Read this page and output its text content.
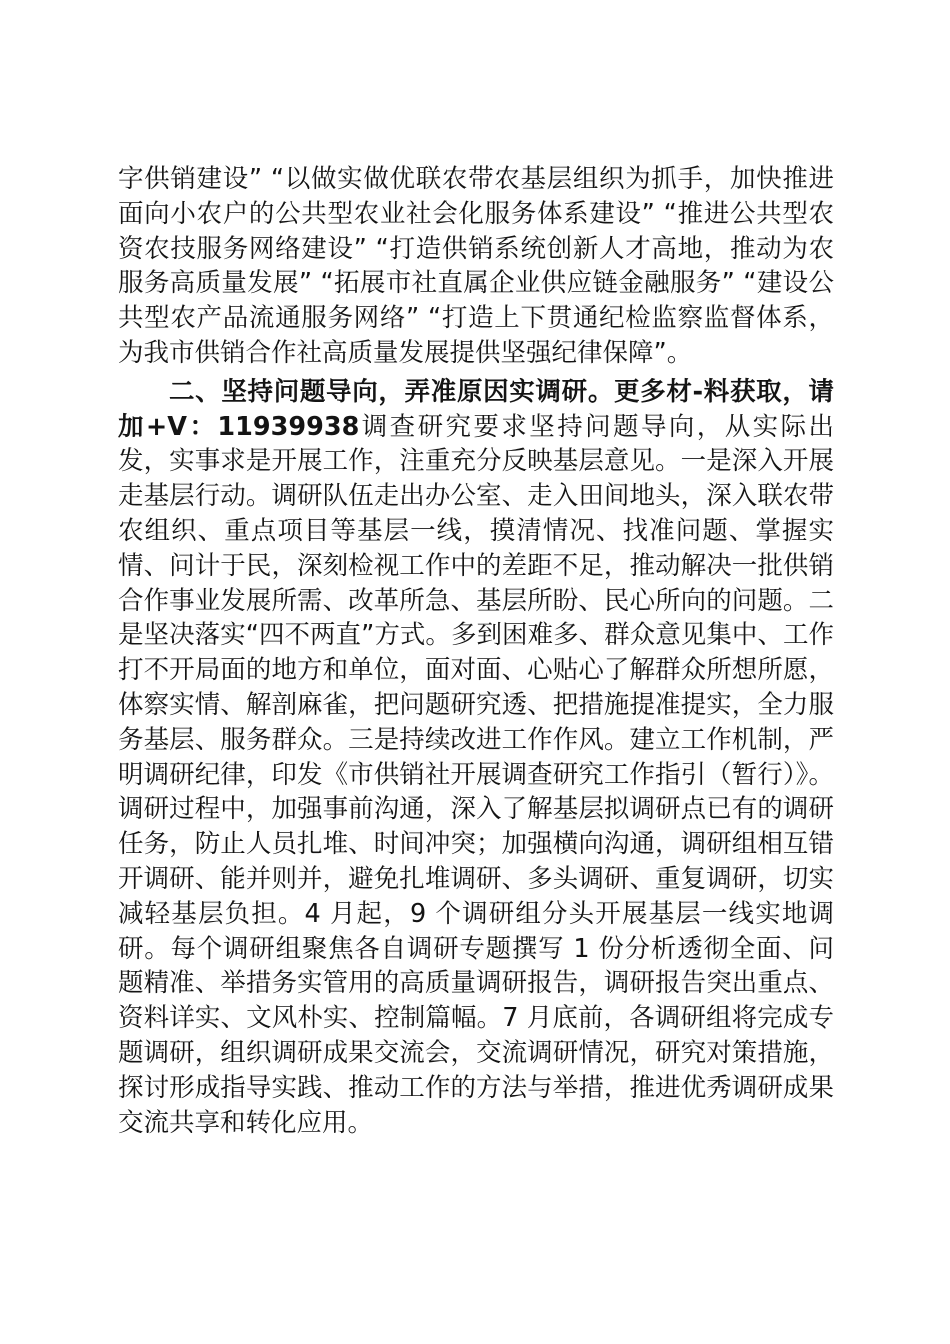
字供销建设” “以做实做优联农带农基层组织为抓手，加快推进面向小农户的公共型农业社会化服务体系建设” “推进公共型农资农技服务网络建设” “打造供销系统创新人才高地，推动为农服务高质量发展” “拓展市社直属企业供应链金融服务” “建设公共型农产品流通服务网络” “打造上下贯通纪检监察监督体系，为我市供销合作社高质量发展提供坚强纪律保障”。

二、坚持问题导向，弄准原因实调研。更多材-料获取，请加+V：11939938调查研究要求坚持问题导向，从实际出发，实事求是开展工作，注重充分反映基层意见。一是深入开展走基层行动。调研队伍走出办公室、走入田间地头，深入联农带农组织、重点项目等基层一线，摸清情况、找准问题、掌握实情、问计于民，深刻检视工作中的差距不足，推动解决一批供销合作事业发展所需、改革所急、基层所盼、民心所向的问题。二是坚决落实“四不两直”方式。多到困难多、群众意见集中、工作打不开局面的地方和单位，面对面、心贴心了解群众所想所愿，体察实情、解剖麻雀，把问题研究透、把措施提准提实，全力服务基层、服务群众。三是持续改进工作作风。建立工作机制，严明调研纪律，印发《市供销社开展调查研究工作指引（暂行）》。调研过程中，加强事前沟通，深入了解基层拟调研点已有的调研任务，防止人员扎堆、时间冲突；加强横向沟通，调研组相互错开调研、能并则并，避免扎堆调研、多头调研、重复调研，切实减轻基层负担。4 月起，9 个调研组分头开展基层一线实地调研。每个调研组聚焦各自调研专题撰写 1 份分析透彻全面、问题精准、举措务实管用的高质量调研报告，调研报告突出重点、资料详实、文风朴实、控制篇幅。7 月底前，各调研组将完成专题调研，组织调研成果交流会，交流调研情况，研究对策措施，探讨形成指导实践、推动工作的方法与举措，推进优秀调研成果交流共享和转化应用。
